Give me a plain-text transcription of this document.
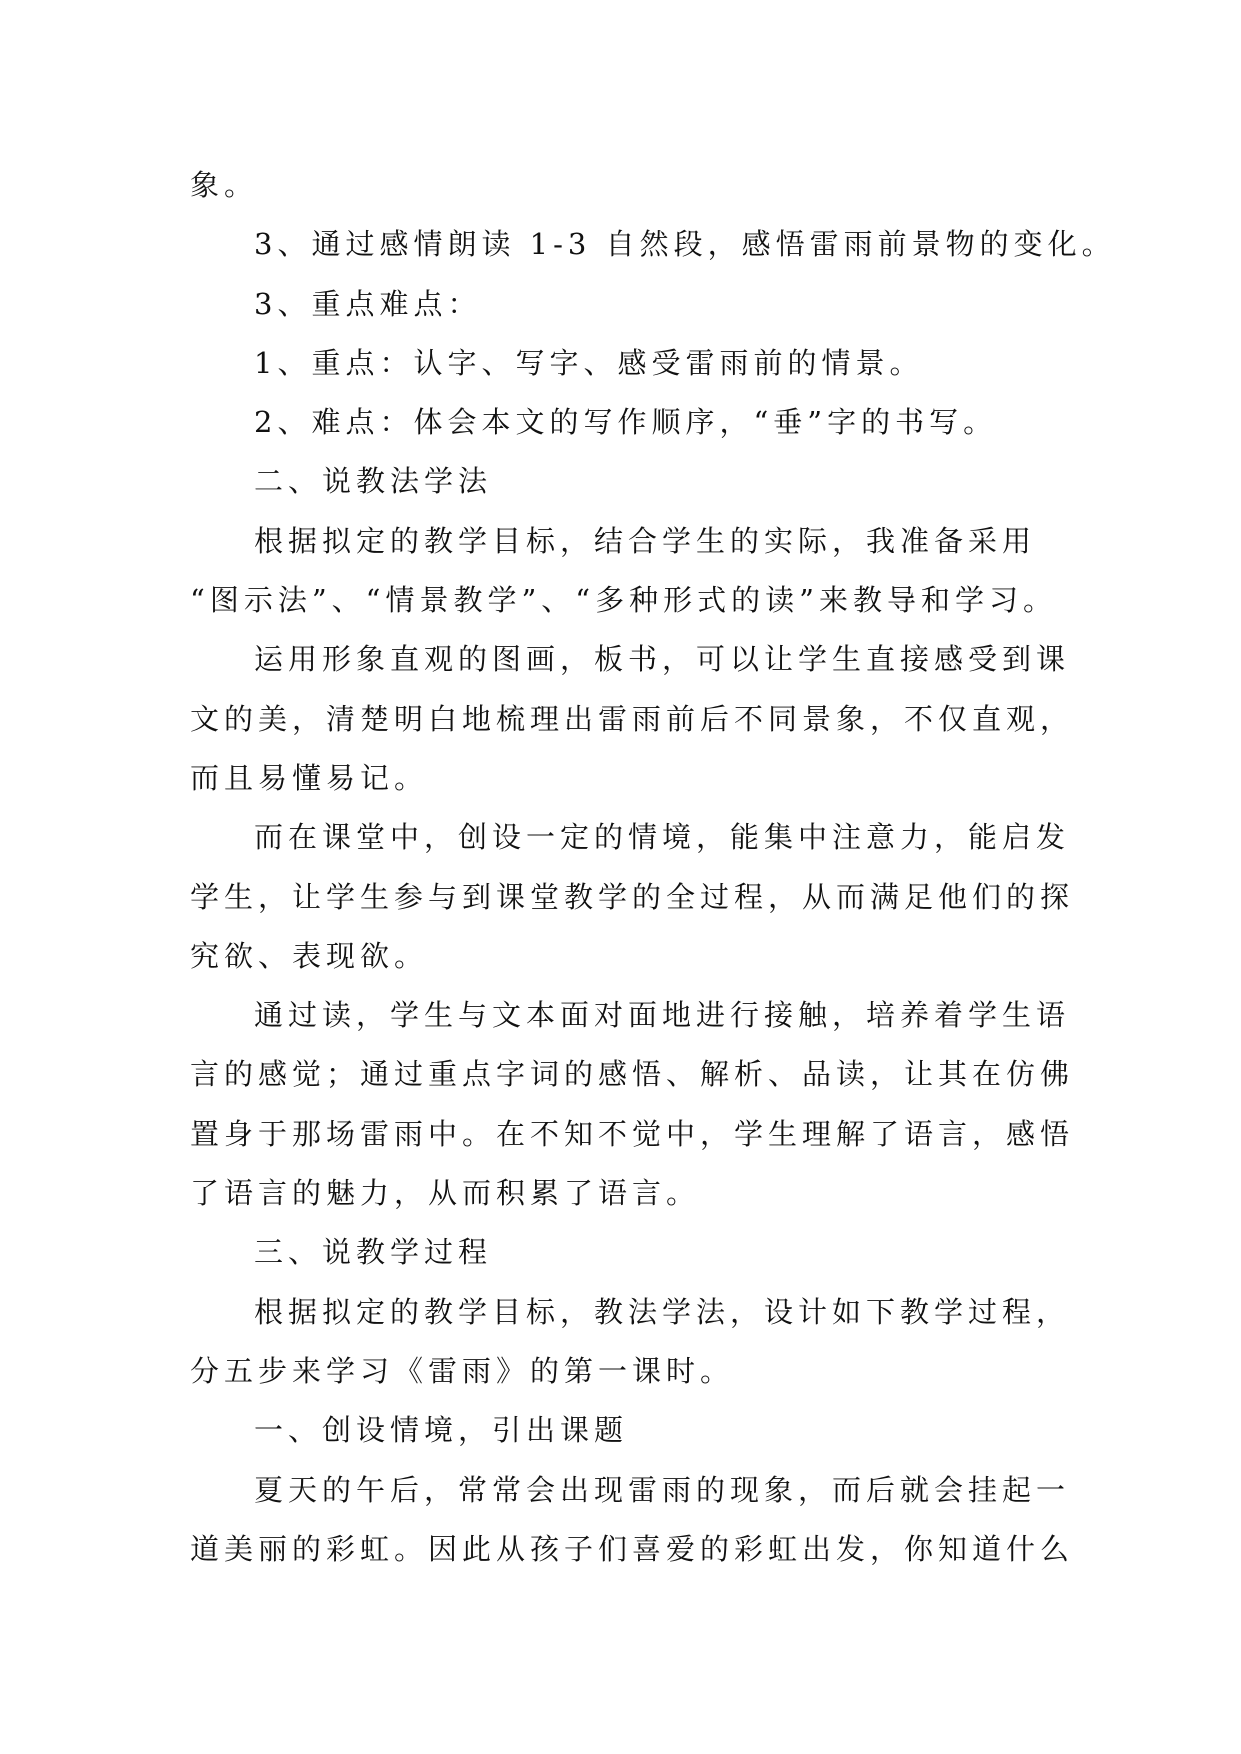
象。
3、通过感情朗读 1-3 自然段，感悟雷雨前景物的变化。
3、重点难点：
1、重点：认字、写字、感受雷雨前的情景。
2、难点：体会本文的写作顺序，“垂”字的书写。
二、说教法学法
根据拟定的教学目标，结合学生的实际，我准备采用
“图示法”、“情景教学”、“多种形式的读”来教导和学习。
运用形象直观的图画，板书，可以让学生直接感受到课
文的美，清楚明白地梳理出雷雨前后不同景象，不仅直观，
而且易懂易记。
而在课堂中，创设一定的情境，能集中注意力，能启发
学生，让学生参与到课堂教学的全过程，从而满足他们的探
究欲、表现欲。
通过读，学生与文本面对面地进行接触，培养着学生语
言的感觉；通过重点字词的感悟、解析、品读，让其在仿佛
置身于那场雷雨中。在不知不觉中，学生理解了语言，感悟
了语言的魅力，从而积累了语言。
三、说教学过程
根据拟定的教学目标，教法学法，设计如下教学过程，
分五步来学习《雷雨》的第一课时。
一、创设情境，引出课题
夏天的午后，常常会出现雷雨的现象，而后就会挂起一
道美丽的彩虹。因此从孩子们喜爱的彩虹出发，你知道什么
